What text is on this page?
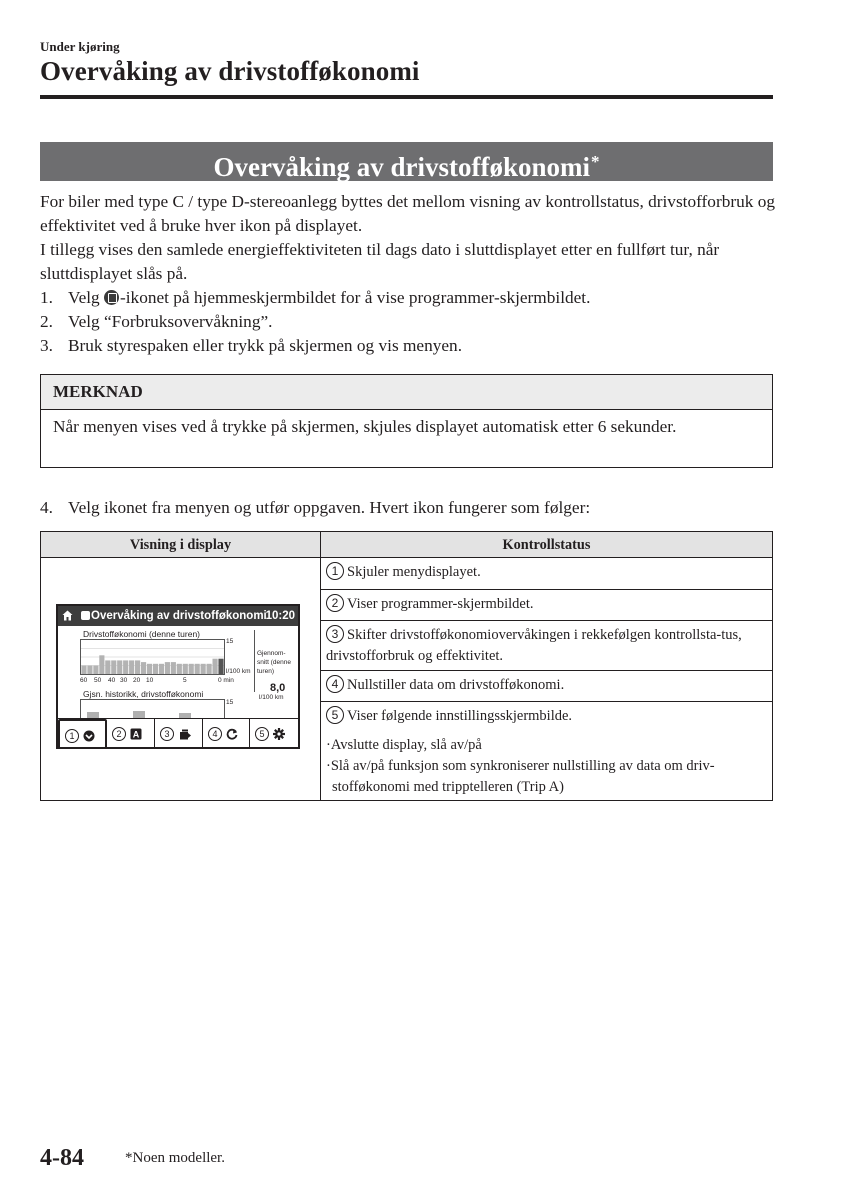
Under kjøring
Overvåking av drivstofføkonomi
Overvåking av drivstofføkonomi*

For biler med type C / type D-stereoanlegg byttes det mellom visning av kontrollstatus, drivstofforbruk og effektivitet ved å bruke hver ikon på displayet.

I tillegg vises den samlede energieffektiviteten til dags dato i sluttdisplayet etter en fullført tur, når sluttdisplayet slås på.

1. Velg -ikonet på hjemmeskjermbildet for å vise programmer-skjermbildet.
2. Velg “Forbruksovervåkning”.
3. Bruk styrespaken eller trykk på skjermen og vis menyen.
MERKNAD
Når menyen vises ved å trykke på skjermen, skjules displayet automatisk etter 6 sekunder.
4. Velg ikonet fra menyen og utfør oppgaven. Hvert ikon fungerer som følger:
Visning i display	Kontrollstatus
1 Skjuler menydisplayet.
2 Viser programmer-skjermbildet.
3 Skifter drivstofføkonomiovervåkingen i rekkefølgen kontrollsta-tus, drivstofforbruk og effektivitet.
4 Nullstiller data om drivstofføkonomi.
5 Viser følgende innstillingsskjermbilde.
·Avslutte display, slå av/på
·Slå av/på funksjon som synkroniserer nullstilling av data om driv-stofføkonomi med tripptelleren (Trip A)
Overvåking av drivstofføkonomi
10:20
Drivstofføkonomi (denne turen)
15
l/100 km
60 50 40 30 20 10	5	0 min
Gjennom-
snitt (denne
turen)
8,0
l/100 km
Gjsn. historikk, drivstofføkonomi
15
1	2	A	3	4	5
4-84	*Noen modeller.
